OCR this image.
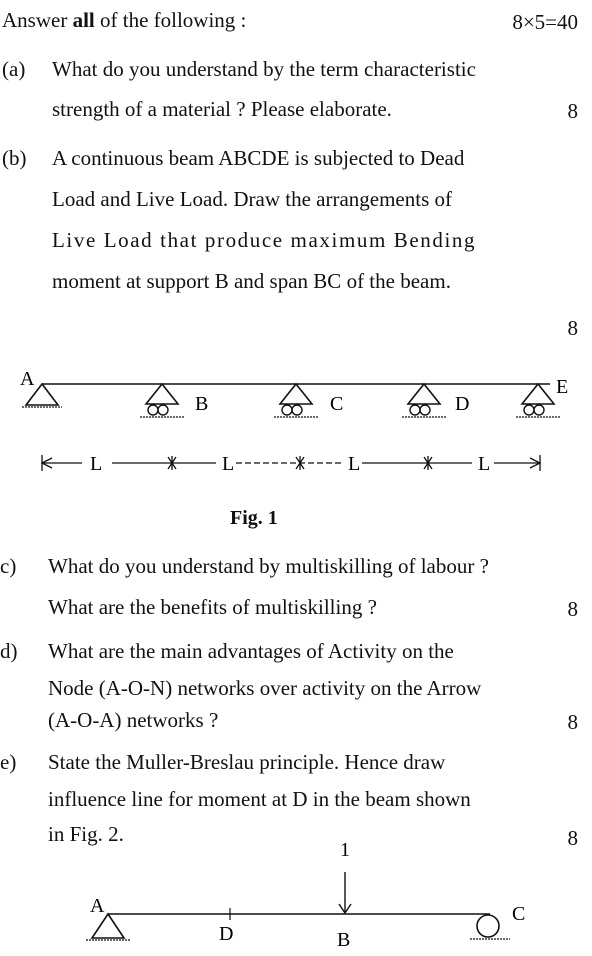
Answer all of the following :	8×5=40
(a) What do you understand by the term characteristic
strength of a material ? Please elaborate.	8
(b) A continuous beam ABCDE is subjected to Dead
Load and Live Load. Draw the arrangements of
Live Load that produce maximum Bending
moment at support B and span BC of the beam.
8
A
B	C	D
E
L	L	L	L
Fig. 1
c) What do you understand by multiskilling of labour ?
What are the benefits of multiskilling ?	8
d) What are the main advantages of Activity on the
Node (A-O-N) networks over activity on the Arrow
(A-O-A) networks ?	8
e) State the Muller-Breslau principle. Hence draw
influence line for moment at D in the beam shown
in Fig. 2.	8
1
A
D	B
C
